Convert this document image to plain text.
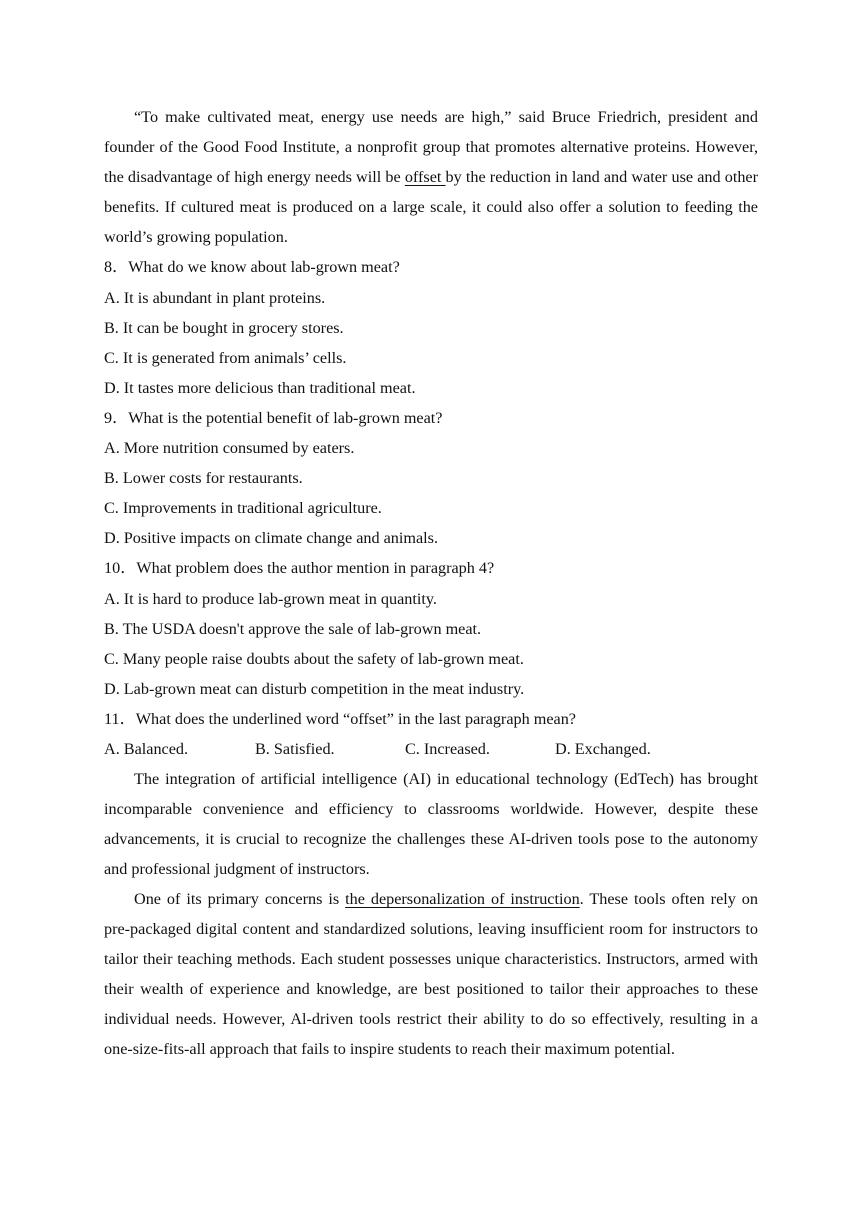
“To make cultivated meat, energy use needs are high,” said Bruce Friedrich, president and founder of the Good Food Institute, a nonprofit group that promotes alternative proteins. However, the disadvantage of high energy needs will be offset by the reduction in land and water use and other benefits. If cultured meat is produced on a large scale, it could also offer a solution to feeding the world’s growing population.

8．What do we know about lab-grown meat?

A. It is abundant in plant proteins.

B. It can be bought in grocery stores.

C. It is generated from animals’ cells.

D. It tastes more delicious than traditional meat.

9．What is the potential benefit of lab-grown meat?

A. More nutrition consumed by eaters.

B. Lower costs for restaurants.

C. Improvements in traditional agriculture.

D. Positive impacts on climate change and animals.

10．What problem does the author mention in paragraph 4?

A. It is hard to produce lab-grown meat in quantity.

B. The USDA doesn't approve the sale of lab-grown meat.

C. Many people raise doubts about the safety of lab-grown meat.

D. Lab-grown meat can disturb competition in the meat industry.

11．What does the underlined word “offset” in the last paragraph mean?

A. Balanced.	B. Satisfied.	C. Increased.	D. Exchanged.

The integration of artificial intelligence (AI) in educational technology (EdTech) has brought incomparable convenience and efficiency to classrooms worldwide. However, despite these advancements, it is crucial to recognize the challenges these AI-driven tools pose to the autonomy and professional judgment of instructors.

One of its primary concerns is the depersonalization of instruction. These tools often rely on pre-packaged digital content and standardized solutions, leaving insufficient room for instructors to tailor their teaching methods. Each student possesses unique characteristics. Instructors, armed with their wealth of experience and knowledge, are best positioned to tailor their approaches to these individual needs. However, Al-driven tools restrict their ability to do so effectively, resulting in a one-size-fits-all approach that fails to inspire students to reach their maximum potential.
